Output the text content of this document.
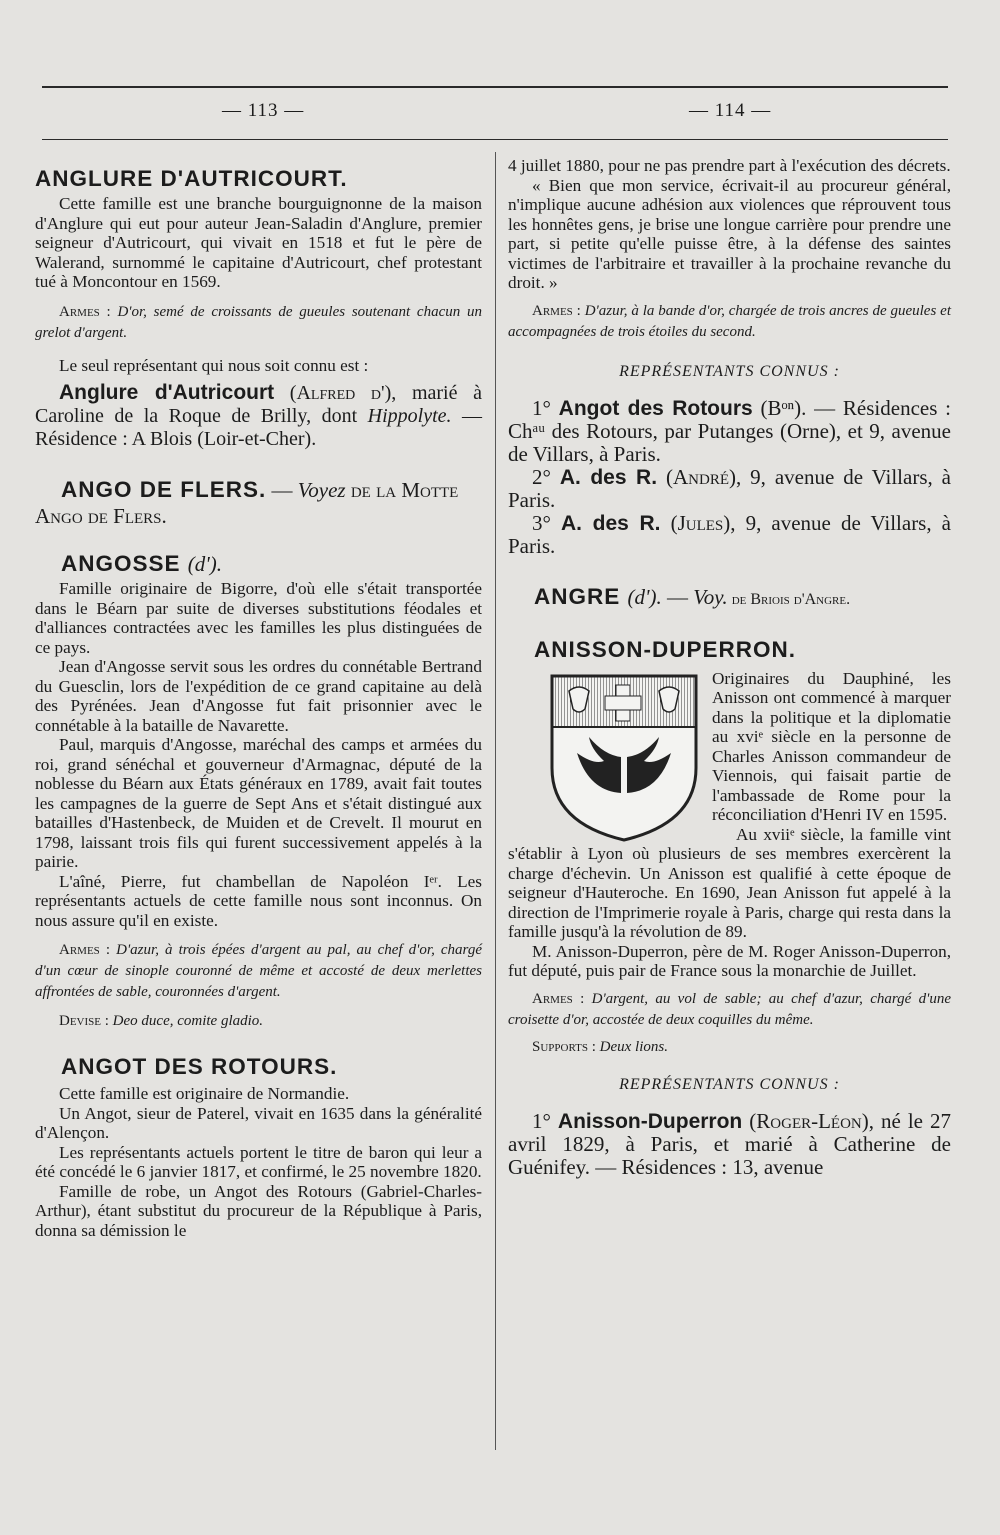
— 113 —	— 114 —

ANGLURE D'AUTRICOURT.

Cette famille est une branche bourguignonne de la maison d'Anglure qui eut pour auteur Jean-Saladin d'Anglure, premier seigneur d'Autricourt, qui vivait en 1518 et fut le père de Walerand, surnommé le capitaine d'Autricourt, chef protestant tué à Moncontour en 1569.

Armes : D'or, semé de croissants de gueules soutenant chacun un grelot d'argent.

Le seul représentant qui nous soit connu est :

Anglure d'Autricourt (Alfred d'), marié à Caroline de la Roque de Brilly, dont Hippolyte. — Résidence : A Blois (Loir-et-Cher).

ANGO DE FLERS. — Voyez de la Motte Ango de Flers.

ANGOSSE (d').

Famille originaire de Bigorre, d'où elle s'était transportée dans le Béarn par suite de diverses substitutions féodales et d'alliances contractées avec les familles les plus distinguées de ce pays.

Jean d'Angosse servit sous les ordres du connétable Bertrand du Guesclin, lors de l'expédition de ce grand capitaine au delà des Pyrénées. Jean d'Angosse fut fait prisonnier avec le connétable à la bataille de Navarette.

Paul, marquis d'Angosse, maréchal des camps et armées du roi, grand sénéchal et gouverneur d'Armagnac, député de la noblesse du Béarn aux États généraux en 1789, avait fait toutes les campagnes de la guerre de Sept Ans et s'était distingué aux batailles d'Hastenbeck, de Muiden et de Crevelt. Il mourut en 1798, laissant trois fils qui furent successivement appelés à la pairie.

L'aîné, Pierre, fut chambellan de Napoléon Iᵉʳ. Les représentants actuels de cette famille nous sont inconnus. On nous assure qu'il en existe.

Armes : D'azur, à trois épées d'argent au pal, au chef d'or, chargé d'un cœur de sinople couronné de même et accosté de deux merlettes affrontées de sable, couronnées d'argent.

Devise : Deo duce, comite gladio.

ANGOT DES ROTOURS.

Cette famille est originaire de Normandie.

Un Angot, sieur de Paterel, vivait en 1635 dans la généralité d'Alençon.

Les représentants actuels portent le titre de baron qui leur a été concédé le 6 janvier 1817, et confirmé, le 25 novembre 1820.

Famille de robe, un Angot des Rotours (Gabriel-Charles-Arthur), étant substitut du procureur de la République à Paris, donna sa démission le

4 juillet 1880, pour ne pas prendre part à l'exécution des décrets.

« Bien que mon service, écrivait-il au procureur général, n'implique aucune adhésion aux violences que réprouvent tous les honnêtes gens, je brise une longue carrière pour prendre une part, si petite qu'elle puisse être, à la défense des saintes victimes de l'arbitraire et travailler à la prochaine revanche du droit. »

Armes : D'azur, à la bande d'or, chargée de trois ancres de gueules et accompagnées de trois étoiles du second.

REPRÉSENTANTS CONNUS :

1° Angot des Rotours (Bᵒⁿ). — Résidences : Chᵃᵘ des Rotours, par Putanges (Orne), et 9, avenue de Villars, à Paris.

2° A. des R. (André), 9, avenue de Villars, à Paris.

3° A. des R. (Jules), 9, avenue de Villars, à Paris.

ANGRE (d'). — Voy. de Briois d'Angre.

ANISSON-DUPERRON.

Originaires du Dauphiné, les Anisson ont commencé à marquer dans la politique et la diplomatie au xviᵉ siècle en la personne de Charles Anisson commandeur de Viennois, qui faisait partie de l'ambassade de Rome pour la réconciliation d'Henri IV en 1595.

Au xviiᵉ siècle, la famille vint s'établir à Lyon où plusieurs de ses membres exercèrent la charge d'échevin. Un Anisson est qualifié à cette époque de seigneur d'Hauteroche. En 1690, Jean Anisson fut appelé à la direction de l'Imprimerie royale à Paris, charge qui resta dans la famille jusqu'à la révolution de 89.

M. Anisson-Duperron, père de M. Roger Anisson-Duperron, fut député, puis pair de France sous la monarchie de Juillet.

Armes : D'argent, au vol de sable; au chef d'azur, chargé d'une croisette d'or, accostée de deux coquilles du même.

Supports : Deux lions.

REPRÉSENTANTS CONNUS :

1° Anisson-Duperron (Roger-Léon), né le 27 avril 1829, à Paris, et marié à Catherine de Guénifey. — Résidences : 13, avenue
